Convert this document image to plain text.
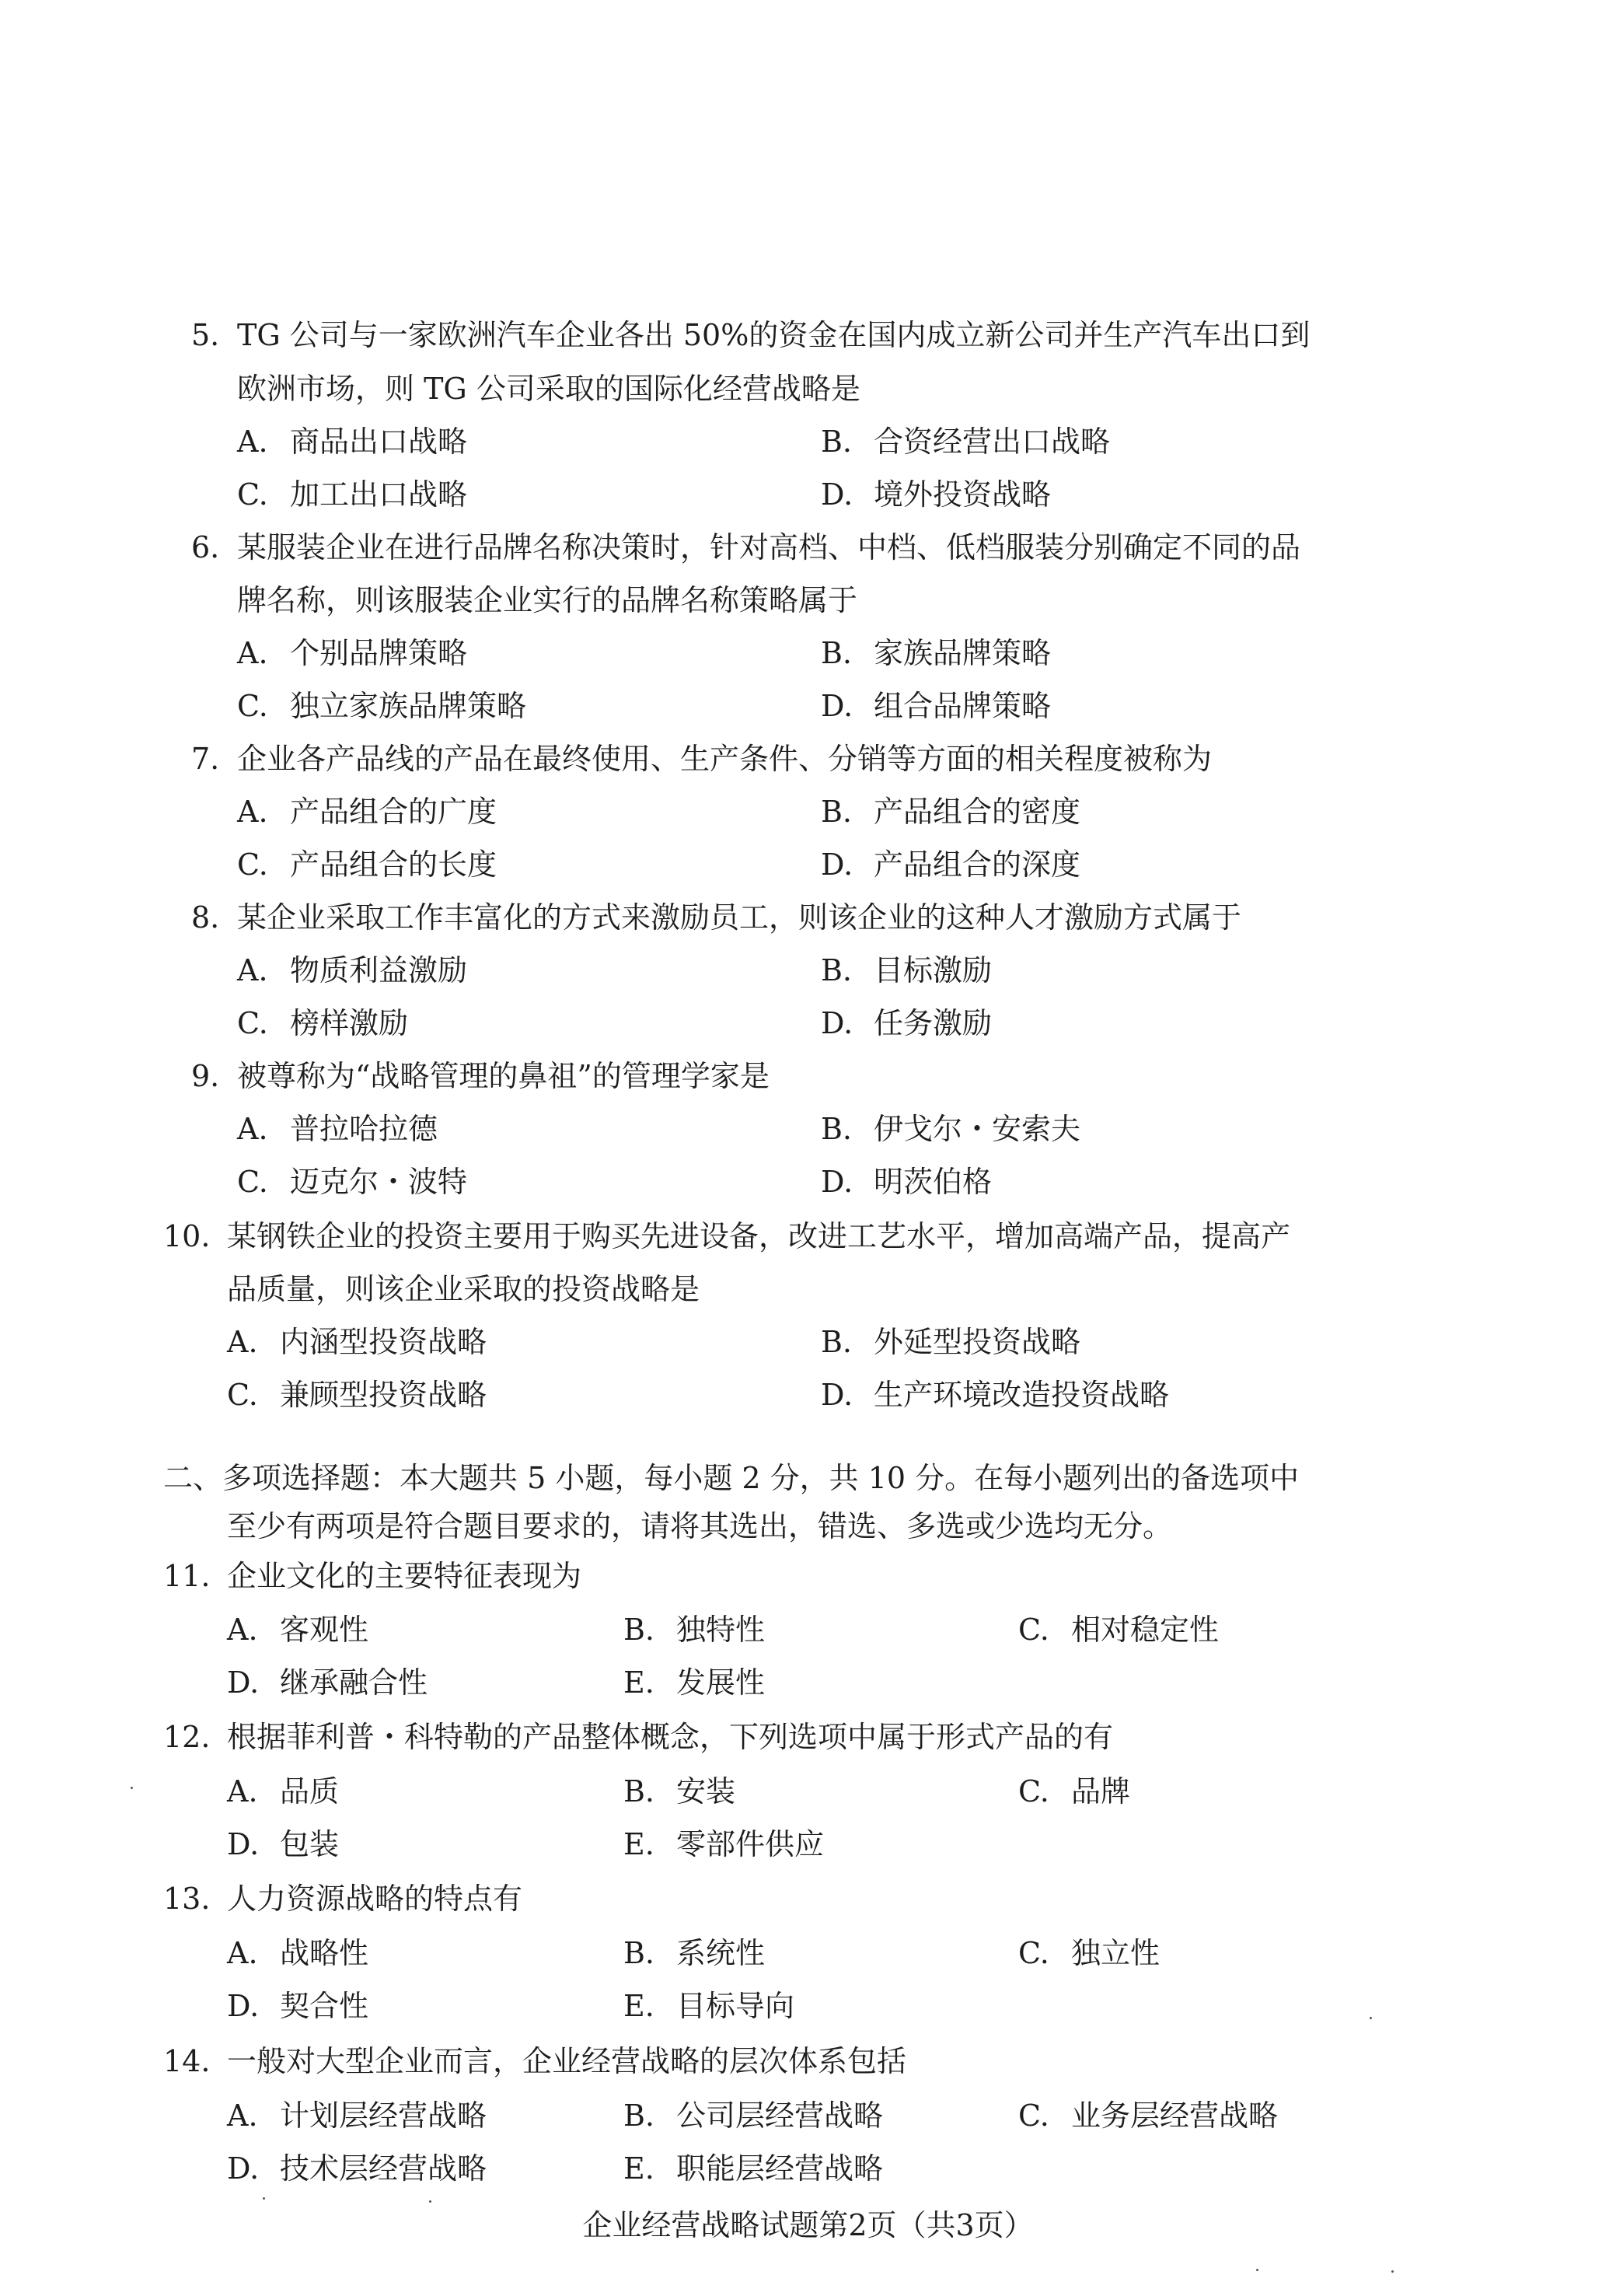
5. TG 公司与一家欧洲汽车企业各出 50%的资金在国内成立新公司并生产汽车出口到
欧洲市场，则 TG 公司采取的国际化经营战略是
A. 商品出口战略	B. 合资经营出口战略
C. 加工出口战略	D. 境外投资战略
6. 某服装企业在进行品牌名称决策时，针对高档、中档、低档服装分别确定不同的品
牌名称，则该服装企业实行的品牌名称策略属于
A. 个别品牌策略	B. 家族品牌策略
C. 独立家族品牌策略	D. 组合品牌策略
7. 企业各产品线的产品在最终使用、生产条件、分销等方面的相关程度被称为
A. 产品组合的广度	B. 产品组合的密度
C. 产品组合的长度	D. 产品组合的深度
8. 某企业采取工作丰富化的方式来激励员工，则该企业的这种人才激励方式属于
A. 物质利益激励	B. 目标激励
C. 榜样激励	D. 任务激励
9. 被尊称为“战略管理的鼻祖”的管理学家是
A. 普拉哈拉德	B. 伊戈尔・安索夫
C. 迈克尔・波特	D. 明茨伯格
10. 某钢铁企业的投资主要用于购买先进设备，改进工艺水平，增加高端产品，提高产
品质量，则该企业采取的投资战略是
A. 内涵型投资战略	B. 外延型投资战略
C. 兼顾型投资战略	D. 生产环境改造投资战略
二、多项选择题：本大题共 5 小题，每小题 2 分，共 10 分。在每小题列出的备选项中
至少有两项是符合题目要求的，请将其选出，错选、多选或少选均无分。
11. 企业文化的主要特征表现为
A. 客观性	B. 独特性	C. 相对稳定性
D. 继承融合性	E. 发展性
12. 根据菲利普・科特勒的产品整体概念，下列选项中属于形式产品的有
A. 品质	B. 安装	C. 品牌
D. 包装	E. 零部件供应
13. 人力资源战略的特点有
A. 战略性	B. 系统性	C. 独立性
D. 契合性	E. 目标导向
14. 一般对大型企业而言，企业经营战略的层次体系包括
A. 计划层经营战略	B. 公司层经营战略	C. 业务层经营战略
D. 技术层经营战略	E. 职能层经营战略
企业经营战略试题第2页（共3页）
